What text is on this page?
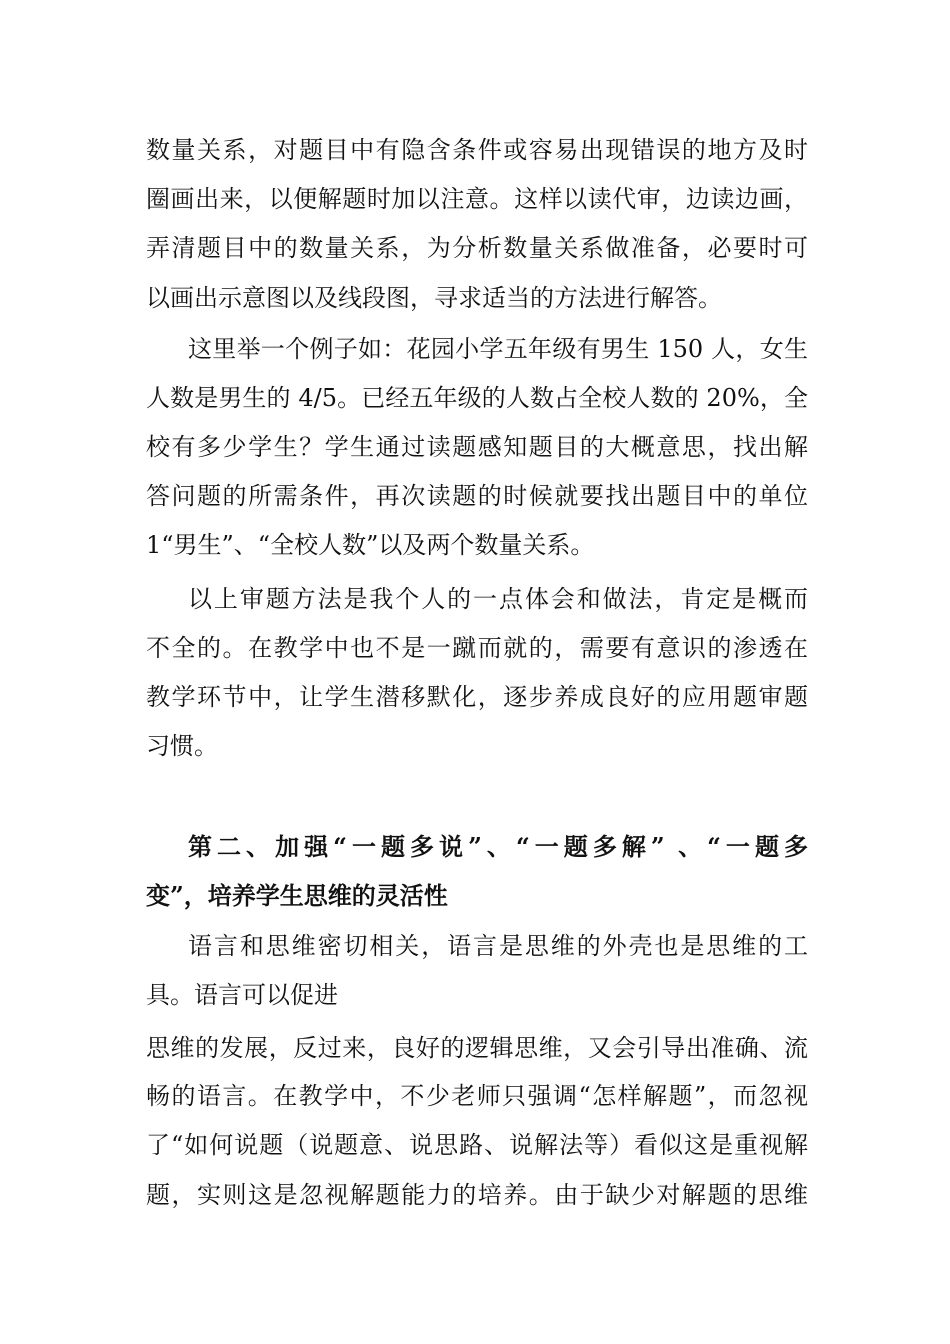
数量关系，对题目中有隐含条件或容易出现错误的地方及时
圈画出来，以便解题时加以注意。这样以读代审，边读边画，
弄清题目中的数量关系，为分析数量关系做准备，必要时可
以画出示意图以及线段图，寻求适当的方法进行解答。
这里举一个例子如：花园小学五年级有男生 150 人，女生
人数是男生的 4/5。已经五年级的人数占全校人数的 20%，全
校有多少学生？学生通过读题感知题目的大概意思，找出解
答问题的所需条件，再次读题的时候就要找出题目中的单位
1“男生”、“全校人数”以及两个数量关系。
以上审题方法是我个人的一点体会和做法，肯定是概而
不全的。在教学中也不是一蹴而就的，需要有意识的渗透在
教学环节中，让学生潜移默化，逐步养成良好的应用题审题
习惯。
第二、加强“一题多说”、“一题多解” 、“一题多
变”，培养学生思维的灵活性
语言和思维密切相关，语言是思维的外壳也是思维的工
具。语言可以促进
思维的发展，反过来，良好的逻辑思维，又会引导出准确、流
畅的语言。在教学中，不少老师只强调“怎样解题”，而忽视
了“如何说题（说题意、说思路、说解法等）看似这是重视解
题，实则这是忽视解题能力的培养。由于缺少对解题的思维
